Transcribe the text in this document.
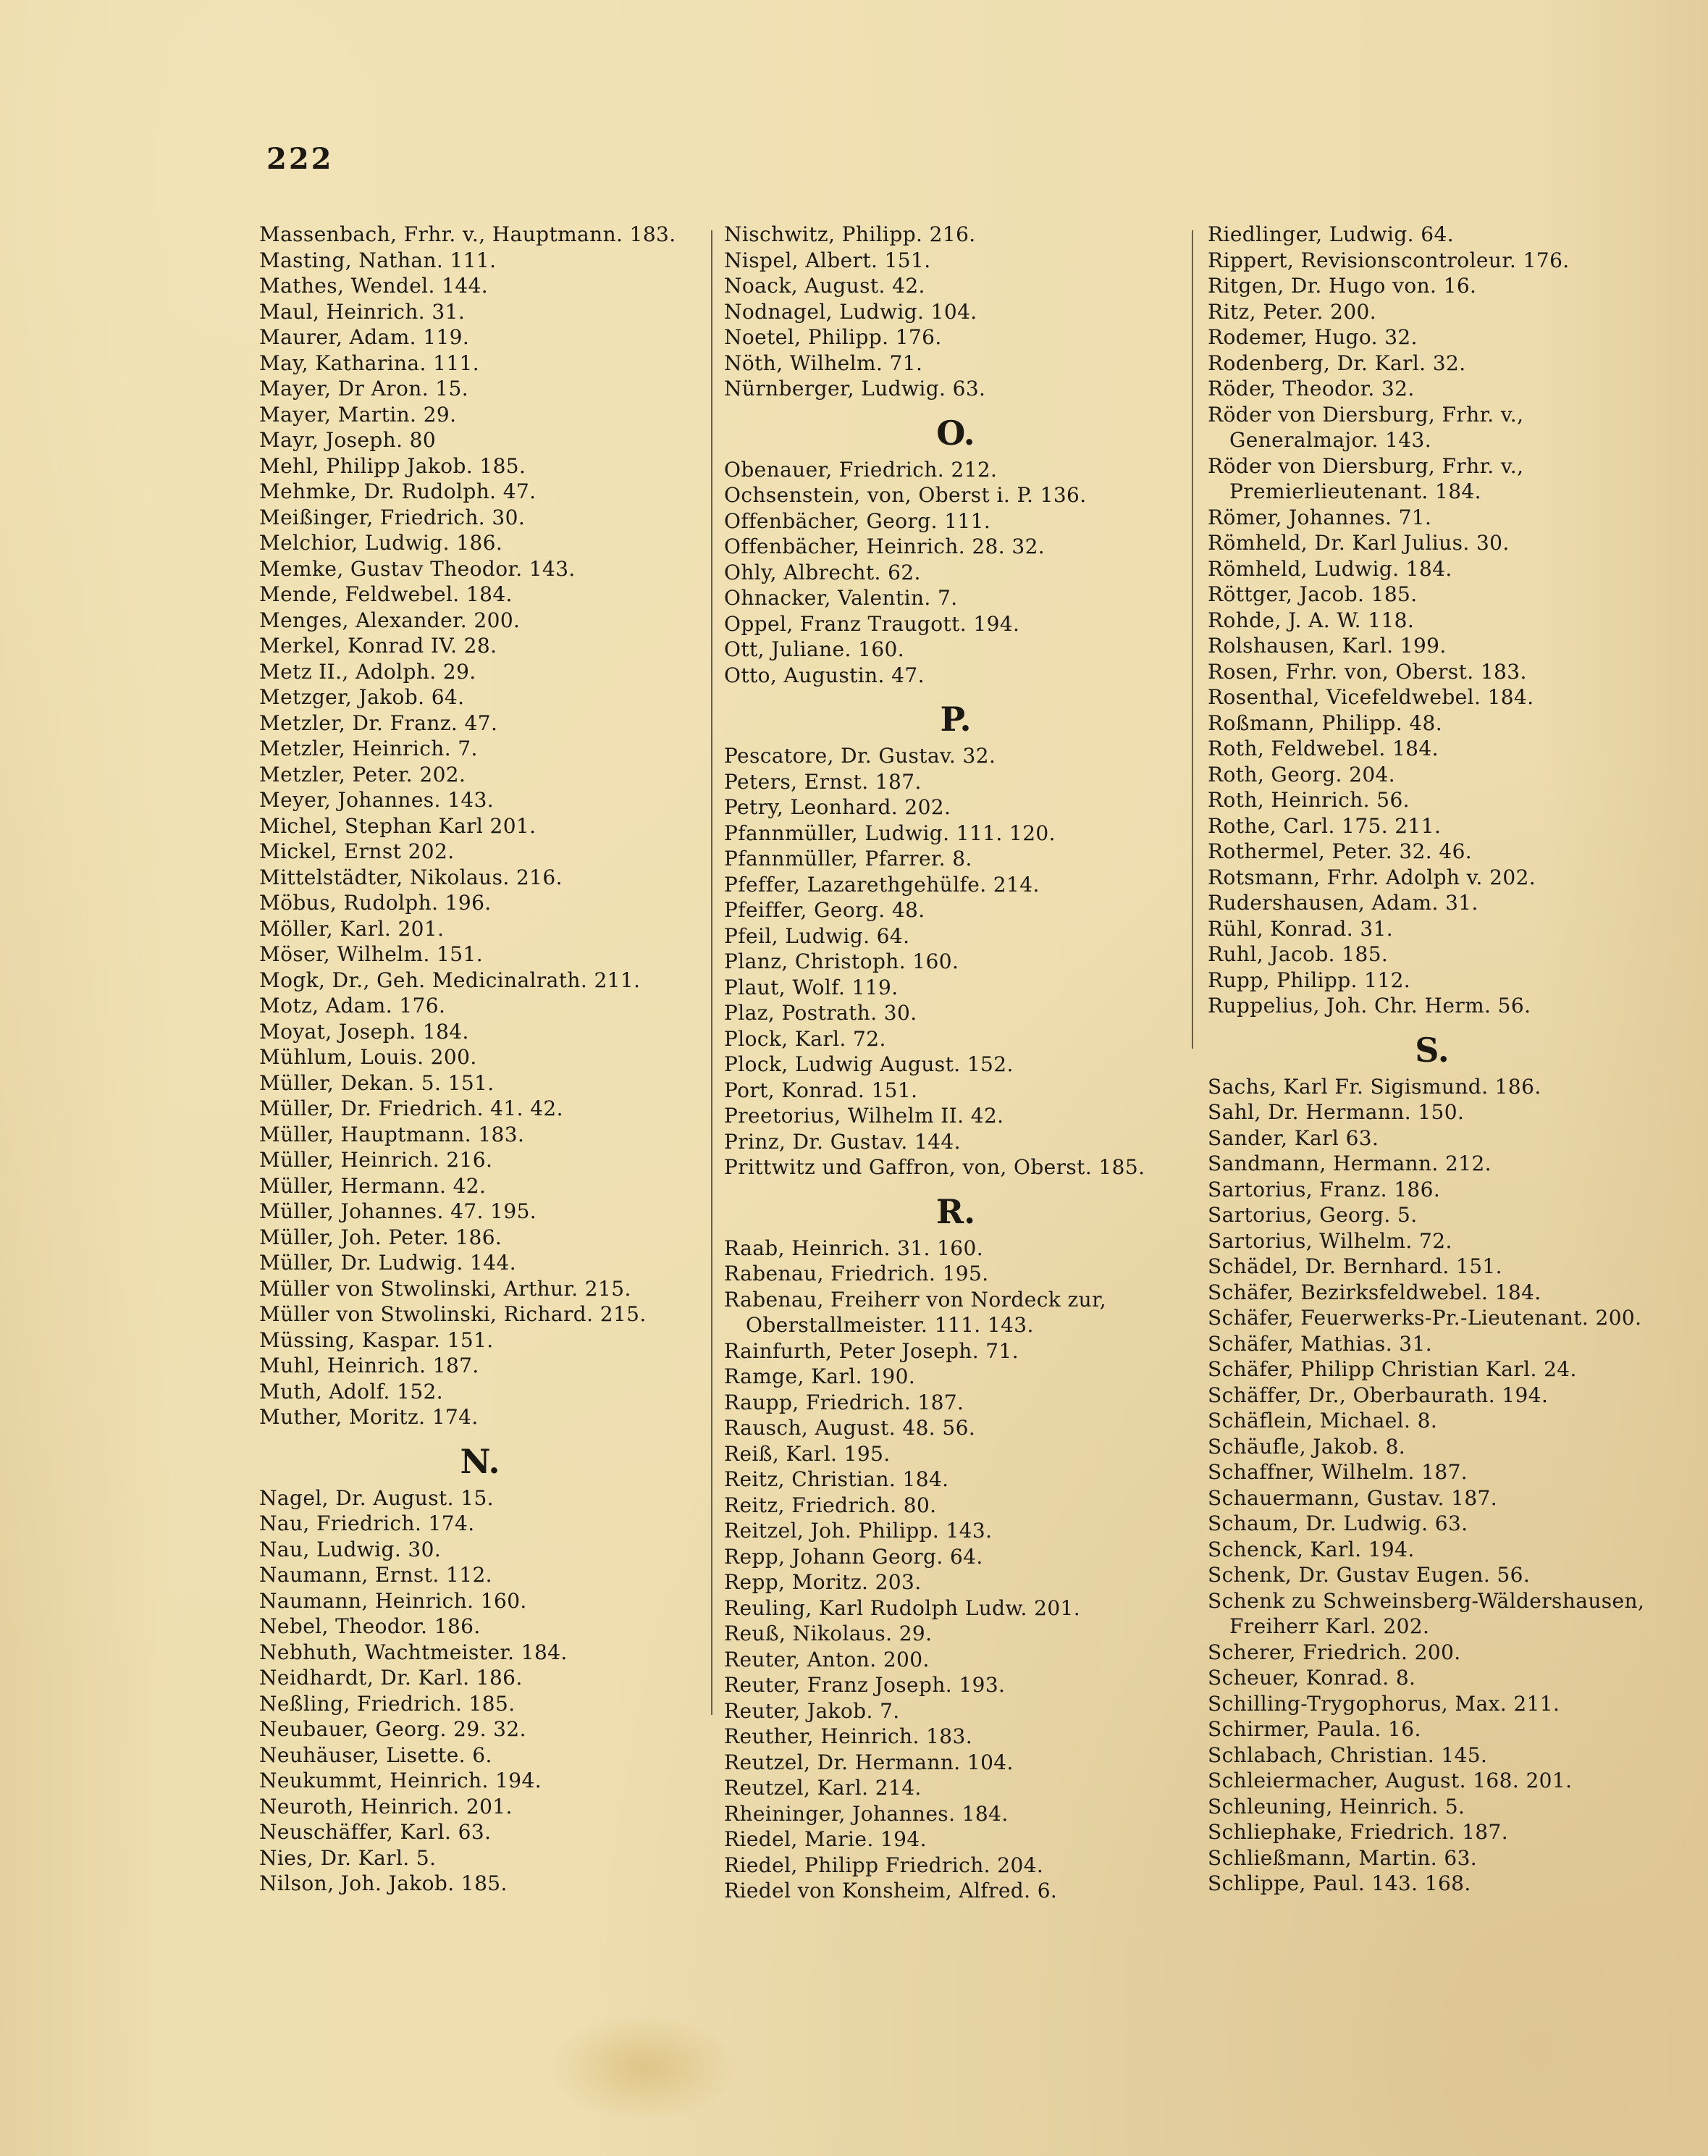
222
Massenbach, Frhr. v., Hauptmann. 183.
Masting, Nathan. 111.
Mathes, Wendel. 144.
Maul, Heinrich. 31.
Maurer, Adam. 119.
May, Katharina. 111.
Mayer, Dr Aron. 15.
Mayer, Martin. 29.
Mayr, Joseph. 80
Mehl, Philipp Jakob. 185.
Mehmke, Dr. Rudolph. 47.
Meißinger, Friedrich. 30.
Melchior, Ludwig. 186.
Memke, Gustav Theodor. 143.
Mende, Feldwebel. 184.
Menges, Alexander. 200.
Merkel, Konrad IV. 28.
Metz II., Adolph. 29.
Metzger, Jakob. 64.
Metzler, Dr. Franz. 47.
Metzler, Heinrich. 7.
Metzler, Peter. 202.
Meyer, Johannes. 143.
Michel, Stephan Karl 201.
Mickel, Ernst 202.
Mittelstädter, Nikolaus. 216.
Möbus, Rudolph. 196.
Möller, Karl. 201.
Möser, Wilhelm. 151.
Mogk, Dr., Geh. Medicinalrath. 211.
Motz, Adam. 176.
Moyat, Joseph. 184.
Mühlum, Louis. 200.
Müller, Dekan. 5. 151.
Müller, Dr. Friedrich. 41. 42.
Müller, Hauptmann. 183.
Müller, Heinrich. 216.
Müller, Hermann. 42.
Müller, Johannes. 47. 195.
Müller, Joh. Peter. 186.
Müller, Dr. Ludwig. 144.
Müller von Stwolinski, Arthur. 215.
Müller von Stwolinski, Richard. 215.
Müssing, Kaspar. 151.
Muhl, Heinrich. 187.
Muth, Adolf. 152.
Muther, Moritz. 174.
N.
Nagel, Dr. August. 15.
Nau, Friedrich. 174.
Nau, Ludwig. 30.
Naumann, Ernst. 112.
Naumann, Heinrich. 160.
Nebel, Theodor. 186.
Nebhuth, Wachtmeister. 184.
Neidhardt, Dr. Karl. 186.
Neßling, Friedrich. 185.
Neubauer, Georg. 29. 32.
Neuhäuser, Lisette. 6.
Neukummt, Heinrich. 194.
Neuroth, Heinrich. 201.
Neuschäffer, Karl. 63.
Nies, Dr. Karl. 5.
Nilson, Joh. Jakob. 185.
Nischwitz, Philipp. 216.
Nispel, Albert. 151.
Noack, August. 42.
Nodnagel, Ludwig. 104.
Noetel, Philipp. 176.
Nöth, Wilhelm. 71.
Nürnberger, Ludwig. 63.
O.
Obenauer, Friedrich. 212.
Ochsenstein, von, Oberst i. P. 136.
Offenbächer, Georg. 111.
Offenbächer, Heinrich. 28. 32.
Ohly, Albrecht. 62.
Ohnacker, Valentin. 7.
Oppel, Franz Traugott. 194.
Ott, Juliane. 160.
Otto, Augustin. 47.
P.
Pescatore, Dr. Gustav. 32.
Peters, Ernst. 187.
Petry, Leonhard. 202.
Pfannmüller, Ludwig. 111. 120.
Pfannmüller, Pfarrer. 8.
Pfeffer, Lazarethgehülfe. 214.
Pfeiffer, Georg. 48.
Pfeil, Ludwig. 64.
Planz, Christoph. 160.
Plaut, Wolf. 119.
Plaz, Postrath. 30.
Plock, Karl. 72.
Plock, Ludwig August. 152.
Port, Konrad. 151.
Preetorius, Wilhelm II. 42.
Prinz, Dr. Gustav. 144.
Prittwitz und Gaffron, von, Oberst. 185.
R.
Raab, Heinrich. 31. 160.
Rabenau, Friedrich. 195.
Rabenau, Freiherr von Nordeck zur, Oberstallmeister. 111. 143.
Rainfurth, Peter Joseph. 71.
Ramge, Karl. 190.
Raupp, Friedrich. 187.
Rausch, August. 48. 56.
Reiß, Karl. 195.
Reitz, Christian. 184.
Reitz, Friedrich. 80.
Reitzel, Joh. Philipp. 143.
Repp, Johann Georg. 64.
Repp, Moritz. 203.
Reuling, Karl Rudolph Ludw. 201.
Reuß, Nikolaus. 29.
Reuter, Anton. 200.
Reuter, Franz Joseph. 193.
Reuter, Jakob. 7.
Reuther, Heinrich. 183.
Reutzel, Dr. Hermann. 104.
Reutzel, Karl. 214.
Rheininger, Johannes. 184.
Riedel, Marie. 194.
Riedel, Philipp Friedrich. 204.
Riedel von Konsheim, Alfred. 6.
Riedlinger, Ludwig. 64.
Rippert, Revisionscontroleur. 176.
Ritgen, Dr. Hugo von. 16.
Ritz, Peter. 200.
Rodemer, Hugo. 32.
Rodenberg, Dr. Karl. 32.
Röder, Theodor. 32.
Röder von Diersburg, Frhr. v., Generalmajor. 143.
Röder von Diersburg, Frhr. v., Premierlieutenant. 184.
Römer, Johannes. 71.
Römheld, Dr. Karl Julius. 30.
Römheld, Ludwig. 184.
Röttger, Jacob. 185.
Rohde, J. A. W. 118.
Rolshausen, Karl. 199.
Rosen, Frhr. von, Oberst. 183.
Rosenthal, Vicefeldwebel. 184.
Roßmann, Philipp. 48.
Roth, Feldwebel. 184.
Roth, Georg. 204.
Roth, Heinrich. 56.
Rothe, Carl. 175. 211.
Rothermel, Peter. 32. 46.
Rotsmann, Frhr. Adolph v. 202.
Rudershausen, Adam. 31.
Rühl, Konrad. 31.
Ruhl, Jacob. 185.
Rupp, Philipp. 112.
Ruppelius, Joh. Chr. Herm. 56.
S.
Sachs, Karl Fr. Sigismund. 186.
Sahl, Dr. Hermann. 150.
Sander, Karl 63.
Sandmann, Hermann. 212.
Sartorius, Franz. 186.
Sartorius, Georg. 5.
Sartorius, Wilhelm. 72.
Schädel, Dr. Bernhard. 151.
Schäfer, Bezirksfeldwebel. 184.
Schäfer, Feuerwerks-Pr.-Lieutenant. 200.
Schäfer, Mathias. 31.
Schäfer, Philipp Christian Karl. 24.
Schäffer, Dr., Oberbaurath. 194.
Schäflein, Michael. 8.
Schäufle, Jakob. 8.
Schaffner, Wilhelm. 187.
Schauermann, Gustav. 187.
Schaum, Dr. Ludwig. 63.
Schenck, Karl. 194.
Schenk, Dr. Gustav Eugen. 56.
Schenk zu Schweinsberg-Wäldershausen, Freiherr Karl. 202.
Scherer, Friedrich. 200.
Scheuer, Konrad. 8.
Schilling-Trygophorus, Max. 211.
Schirmer, Paula. 16.
Schlabach, Christian. 145.
Schleiermacher, August. 168. 201.
Schleuning, Heinrich. 5.
Schliephake, Friedrich. 187.
Schließmann, Martin. 63.
Schlippe, Paul. 143. 168.
